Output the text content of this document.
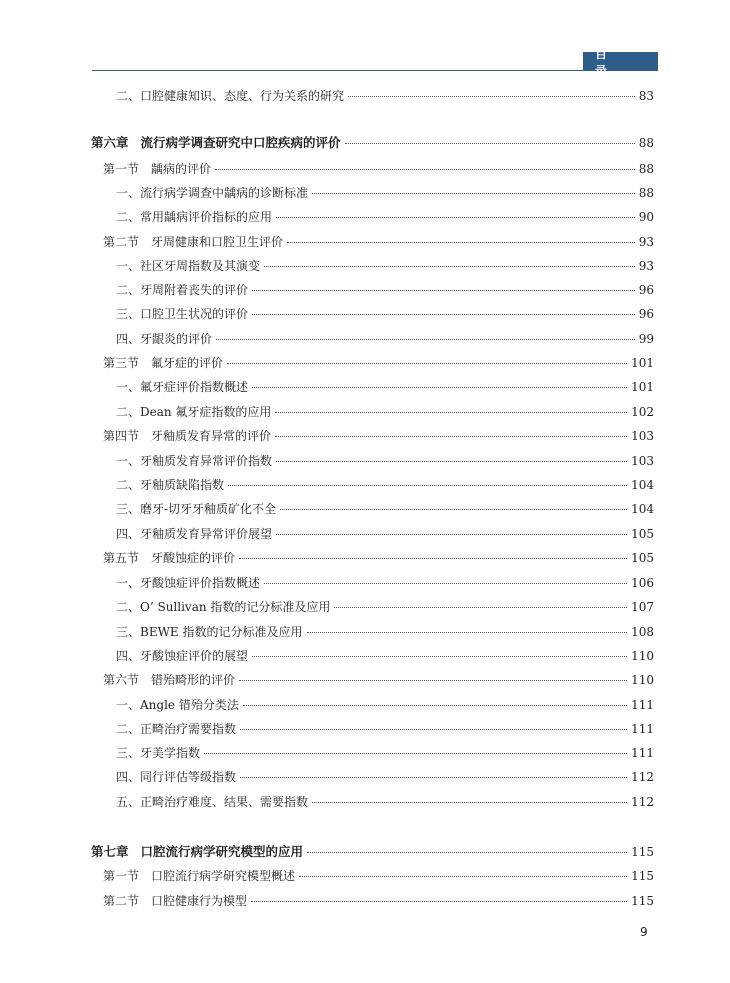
目 录
二、口腔健康知识、态度、行为关系的研究	83
第六章 流行病学调查研究中口腔疾病的评价	88
第一节 龋病的评价	88
一、流行病学调查中龋病的诊断标准	88
二、常用龋病评价指标的应用	90
第二节 牙周健康和口腔卫生评价	93
一、社区牙周指数及其演变	93
二、牙周附着丧失的评价	96
三、口腔卫生状况的评价	96
四、牙龈炎的评价	99
第三节 氟牙症的评价	101
一、氟牙症评价指数概述	101
二、Dean 氟牙症指数的应用	102
第四节 牙釉质发育异常的评价	103
一、牙釉质发育异常评价指数	103
二、牙釉质缺陷指数	104
三、磨牙-切牙牙釉质矿化不全	104
四、牙釉质发育异常评价展望	105
第五节 牙酸蚀症的评价	105
一、牙酸蚀症评价指数概述	106
二、O’ Sullivan 指数的记分标准及应用	107
三、BEWE 指数的记分标准及应用	108
四、牙酸蚀症评价的展望	110
第六节 错殆畸形的评价	110
一、Angle 错殆分类法	111
二、正畸治疗需要指数	111
三、牙美学指数	111
四、同行评估等级指数	112
五、正畸治疗难度、结果、需要指数	112
第七章 口腔流行病学研究模型的应用	115
第一节 口腔流行病学研究模型概述	115
第二节 口腔健康行为模型	115
9
